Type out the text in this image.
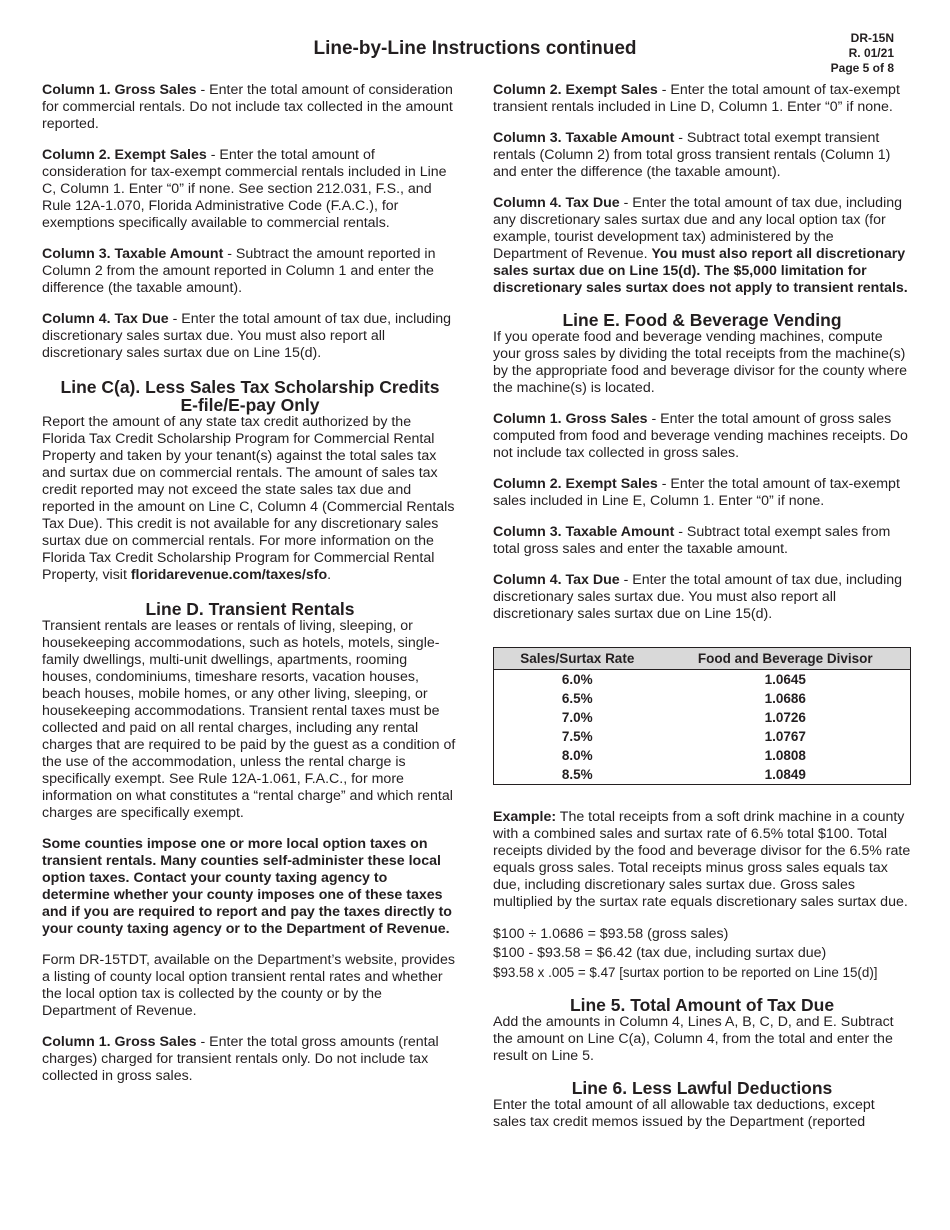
Line-by-Line Instructions continued	DR-15N
R. 01/21
Page 5 of 8

Column 1. Gross Sales - Enter the total amount of consideration for commercial rentals. Do not include tax collected in the amount reported.

Column 2. Exempt Sales - Enter the total amount of consideration for tax-exempt commercial rentals included in Line C, Column 1. Enter “0” if none. See section 212.031, F.S., and Rule 12A-1.070, Florida Administrative Code (F.A.C.), for exemptions specifically available to commercial rentals.

Column 3. Taxable Amount - Subtract the amount reported in Column 2 from the amount reported in Column 1 and enter the difference (the taxable amount).

Column 4. Tax Due - Enter the total amount of tax due, including discretionary sales surtax due. You must also report all discretionary sales surtax due on Line 15(d).

Line C(a). Less Sales Tax Scholarship Credits
E-file/E-pay Only

Report the amount of any state tax credit authorized by the Florida Tax Credit Scholarship Program for Commercial Rental Property and taken by your tenant(s) against the total sales tax and surtax due on commercial rentals. The amount of sales tax credit reported may not exceed the state sales tax due and reported in the amount on Line C, Column 4 (Commercial Rentals Tax Due). This credit is not available for any discretionary sales surtax due on commercial rentals. For more information on the Florida Tax Credit Scholarship Program for Commercial Rental Property, visit floridarevenue.com/taxes/sfo.

Line D. Transient Rentals

Transient rentals are leases or rentals of living, sleeping, or housekeeping accommodations, such as hotels, motels, single-family dwellings, multi-unit dwellings, apartments, rooming houses, condominiums, timeshare resorts, vacation houses, beach houses, mobile homes, or any other living, sleeping, or housekeeping accommodations. Transient rental taxes must be collected and paid on all rental charges, including any rental charges that are required to be paid by the guest as a condition of the use of the accommodation, unless the rental charge is specifically exempt. See Rule 12A-1.061, F.A.C., for more information on what constitutes a “rental charge” and which rental charges are specifically exempt.

Some counties impose one or more local option taxes on transient rentals. Many counties self-administer these local option taxes. Contact your county taxing agency to determine whether your county imposes one of these taxes and if you are required to report and pay the taxes directly to your county taxing agency or to the Department of Revenue.

Form DR-15TDT, available on the Department’s website, provides a listing of county local option transient rental rates and whether the local option tax is collected by the county or by the Department of Revenue.

Column 1. Gross Sales - Enter the total gross amounts (rental charges) charged for transient rentals only. Do not include tax collected in gross sales.

Column 2. Exempt Sales - Enter the total amount of tax-exempt transient rentals included in Line D, Column 1. Enter “0” if none.

Column 3. Taxable Amount - Subtract total exempt transient rentals (Column 2) from total gross transient rentals (Column 1) and enter the difference (the taxable amount).

Column 4. Tax Due - Enter the total amount of tax due, including any discretionary sales surtax due and any local option tax (for example, tourist development tax) administered by the Department of Revenue. You must also report all discretionary sales surtax due on Line 15(d). The $5,000 limitation for discretionary sales surtax does not apply to transient rentals.

Line E. Food & Beverage Vending

If you operate food and beverage vending machines, compute your gross sales by dividing the total receipts from the machine(s) by the appropriate food and beverage divisor for the county where the machine(s) is located.

Column 1. Gross Sales - Enter the total amount of gross sales computed from food and beverage vending machines receipts. Do not include tax collected in gross sales.

Column 2. Exempt Sales - Enter the total amount of tax-exempt sales included in Line E, Column 1. Enter “0” if none.

Column 3. Taxable Amount - Subtract total exempt sales from total gross sales and enter the taxable amount.

Column 4. Tax Due - Enter the total amount of tax due, including discretionary sales surtax due. You must also report all discretionary sales surtax due on Line 15(d).

Sales/Surtax Rate	Food and Beverage Divisor
6.0%	1.0645
6.5%	1.0686
7.0%	1.0726
7.5%	1.0767
8.0%	1.0808
8.5%	1.0849

Example: The total receipts from a soft drink machine in a county with a combined sales and surtax rate of 6.5% total $100. Total receipts divided by the food and beverage divisor for the 6.5% rate equals gross sales. Total receipts minus gross sales equals tax due, including discretionary sales surtax due. Gross sales multiplied by the surtax rate equals discretionary sales surtax due.

$100 ÷ 1.0686 = $93.58 (gross sales)
$100 - $93.58 = $6.42 (tax due, including surtax due)
$93.58 x .005 = $.47 [surtax portion to be reported on Line 15(d)]
Line 5. Total Amount of Tax Due

Add the amounts in Column 4, Lines A, B, C, D, and E. Subtract the amount on Line C(a), Column 4, from the total and enter the result on Line 5.

Line 6. Less Lawful Deductions

Enter the total amount of all allowable tax deductions, except sales tax credit memos issued by the Department (reported
